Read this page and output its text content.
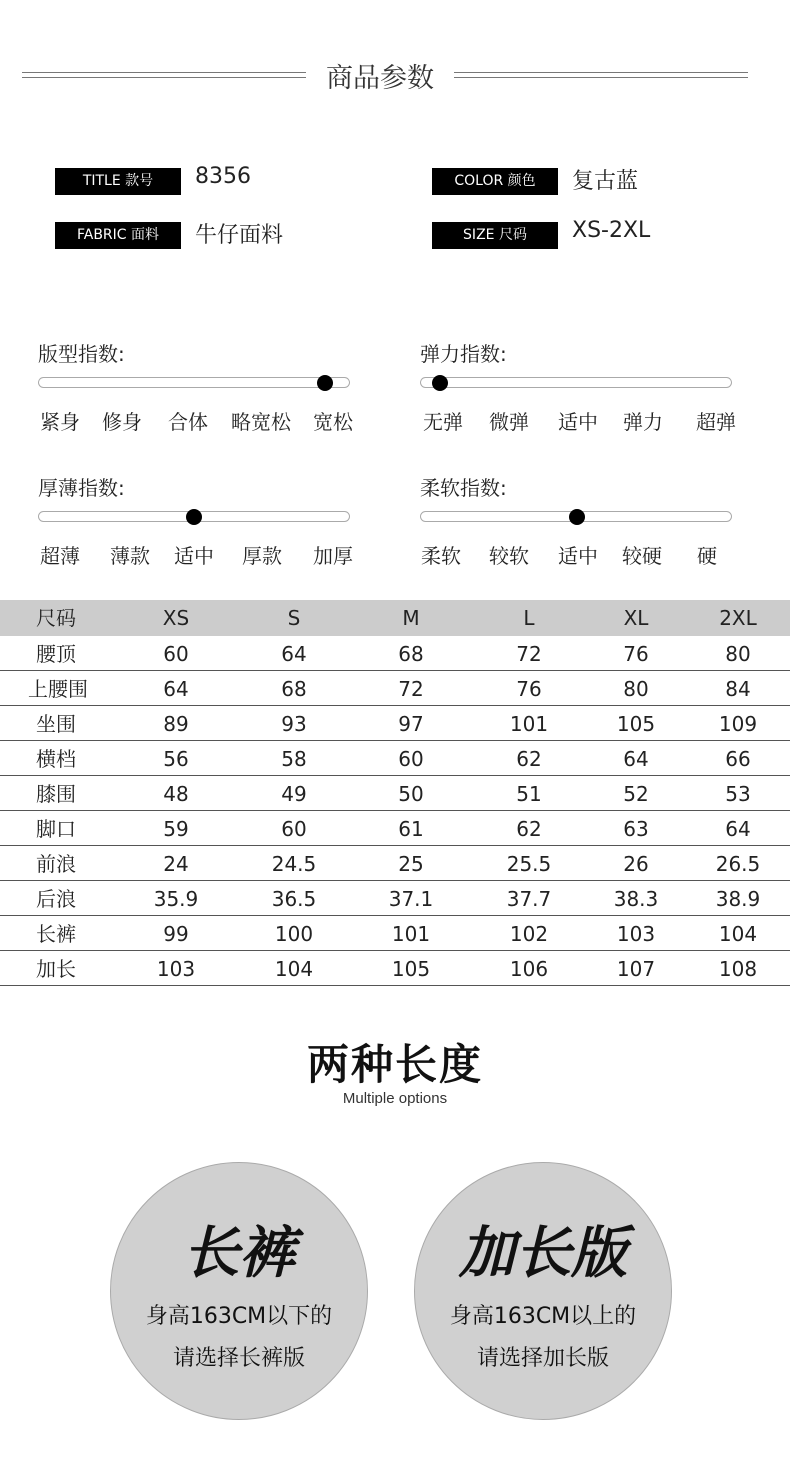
商品参数
TITLE 款号	8356	COLOR 颜色	复古蓝
FABRIC 面料	牛仔面料	SIZE 尺码	XS-2XL
版型指数:
紧身 修身 合体 略宽松 宽松
弹力指数:
无弹 微弹 适中 弹力 超弹
厚薄指数:
超薄 薄款 适中 厚款 加厚
柔软指数:
柔软 较软 适中 较硬 硬
尺码	XS	S	M	L	XL	2XL
腰顶	60	64	68	72	76	80
上腰围	64	68	72	76	80	84
坐围	89	93	97	101	105	109
横档	56	58	60	62	64	66
膝围	48	49	50	51	52	53
脚口	59	60	61	62	63	64
前浪	24	24.5	25	25.5	26	26.5
后浪	35.9	36.5	37.1	37.7	38.3	38.9
长裤	99	100	101	102	103	104
加长	103	104	105	106	107	108
两种长度
Multiple options
长裤
身高163CM以下的
请选择长裤版
加长版
身高163CM以上的
请选择加长版
